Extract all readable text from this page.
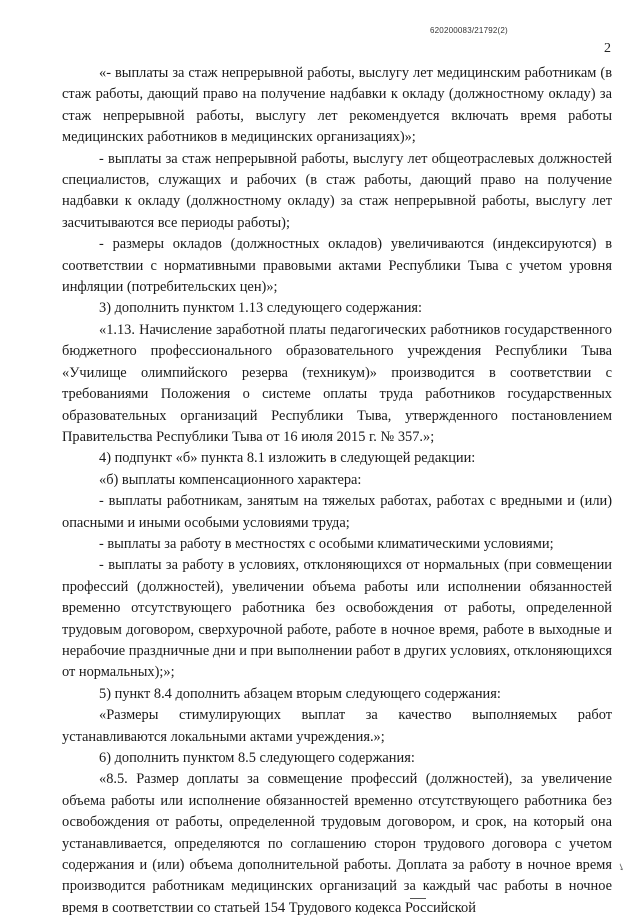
620200083/21792(2)
2

«- выплаты за стаж непрерывной работы, выслугу лет медицинским работникам (в стаж работы, дающий право на получение надбавки к окладу (должностному окладу) за стаж непрерывной работы, выслугу лет рекомендуется включать время работы медицинских работников в медицинских организациях)»;

- выплаты за стаж непрерывной работы, выслугу лет общеотраслевых должностей специалистов, служащих и рабочих (в стаж работы, дающий право на получение надбавки к окладу (должностному окладу) за стаж непрерывной работы, выслугу лет засчитываются все периоды работы);

- размеры окладов (должностных окладов) увеличиваются (индексируются) в соответствии с нормативными правовыми актами Республики Тыва с учетом уровня инфляции (потребительских цен)»;

3) дополнить пунктом 1.13 следующего содержания:

«1.13. Начисление заработной платы педагогических работников государственного бюджетного профессионального образовательного учреждения Республики Тыва «Училище олимпийского резерва (техникум)» производится в соответствии с требованиями Положения о системе оплаты труда работников государственных образовательных организаций Республики Тыва, утвержденного постановлением Правительства Республики Тыва от 16 июля 2015 г. № 357.»;

4) подпункт «б» пункта 8.1 изложить в следующей редакции:

«б) выплаты компенсационного характера:

- выплаты работникам, занятым на тяжелых работах, работах с вредными и (или) опасными и иными особыми условиями труда;

- выплаты за работу в местностях с особыми климатическими условиями;

- выплаты за работу в условиях, отклоняющихся от нормальных (при совмещении профессий (должностей), увеличении объема работы или исполнении обязанностей временно отсутствующего работника без освобождения от работы, определенной трудовым договором, сверхурочной работе, работе в ночное время, работе в выходные и нерабочие праздничные дни и при выполнении работ в других условиях, отклоняющихся от нормальных);»;

5) пункт 8.4 дополнить абзацем вторым следующего содержания:

«Размеры стимулирующих выплат за качество выполняемых работ устанавливаются локальными актами учреждения.»;

6) дополнить пунктом 8.5 следующего содержания:

«8.5. Размер доплаты за совмещение профессий (должностей), за увеличение объема работы или исполнение обязанностей временно отсутствующего работника без освобождения от работы, определенной трудовым договором, и срок, на который она устанавливается, определяются по соглашению сторон трудового договора с учетом содержания и (или) объема дополнительной работы. Доплата за работу в ночное время производится работникам медицинских организаций за каждый час работы в ночное время в соответствии со статьей 154 Трудового кодекса Российской

✓
